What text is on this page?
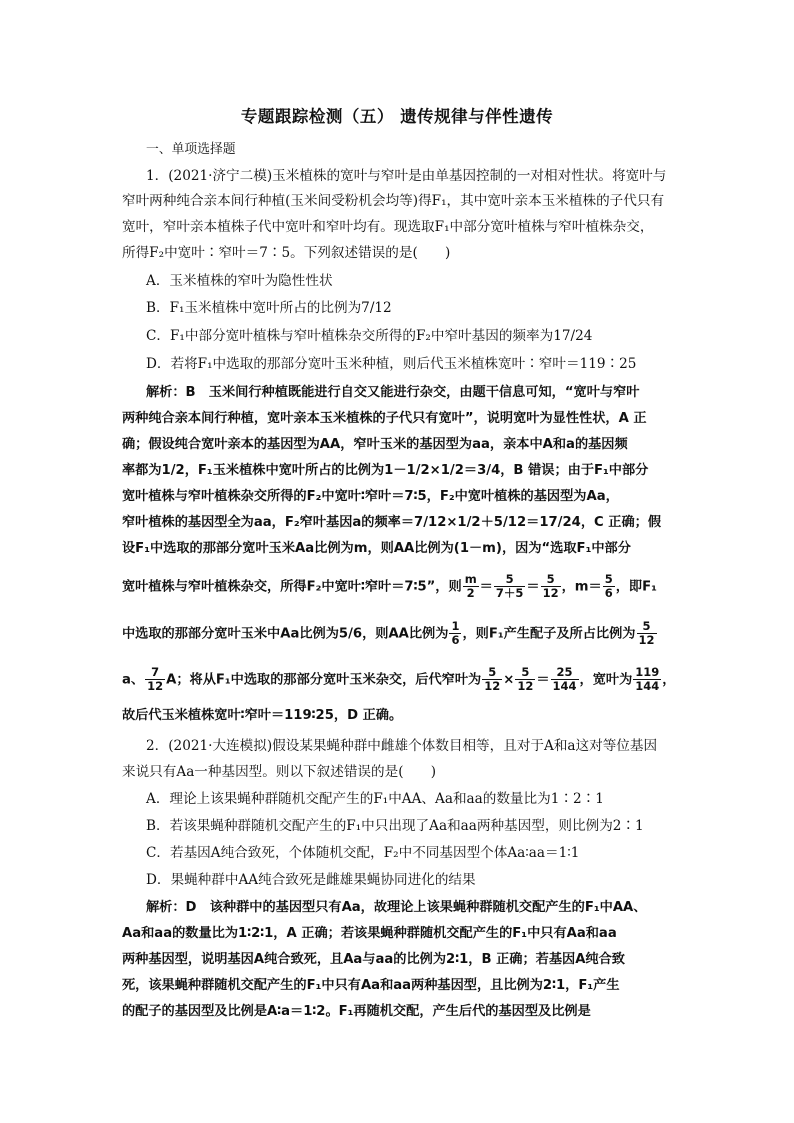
专题跟踪检测（五） 遗传规律与伴性遗传
一、单项选择题
1．(2021·济宁二模)玉米植株的宽叶与窄叶是由单基因控制的一对相对性状。将宽叶与
窄叶两种纯合亲本间行种植(玉米间受粉机会均等)得F₁，其中宽叶亲本玉米植株的子代只有
宽叶，窄叶亲本植株子代中宽叶和窄叶均有。现选取F₁中部分宽叶植株与窄叶植株杂交，
所得F₂中宽叶∶窄叶＝7∶5。下列叙述错误的是(　　)
A．玉米植株的窄叶为隐性性状
B．F₁玉米植株中宽叶所占的比例为7/12
C．F₁中部分宽叶植株与窄叶植株杂交所得的F₂中窄叶基因的频率为17/24
D．若将F₁中选取的那部分宽叶玉米种植，则后代玉米植株宽叶∶窄叶＝119∶25
解析：B　玉米间行种植既能进行自交又能进行杂交，由题干信息可知，“宽叶与窄叶
两种纯合亲本间行种植，宽叶亲本玉米植株的子代只有宽叶”，说明宽叶为显性性状，A 正
确；假设纯合宽叶亲本的基因型为AA，窄叶玉米的基因型为aa，亲本中A和a的基因频
率都为1/2，F₁玉米植株中宽叶所占的比例为1－1/2×1/2＝3/4，B 错误；由于F₁中部分
宽叶植株与窄叶植株杂交所得的F₂中宽叶∶窄叶＝7∶5，F₂中宽叶植株的基因型为Aa，
窄叶植株的基因型全为aa，F₂窄叶基因a的频率＝7/12×1/2＋5/12＝17/24，C 正确；假
设F₁中选取的那部分宽叶玉米Aa比例为m，则AA比例为(1－m)，因为“选取F₁中部分
宽叶植株与窄叶植株杂交，所得F₂中宽叶∶窄叶＝7∶5”，则 $\frac{m}{2} = \frac{5}{7+5} = \frac{5}{12}$ ，$m= \frac{5}{6}$ ，即F₁
中选取的那部分宽叶玉米中Aa比例为5/6，则AA比例为 $\frac{1}{6}$ ，则F₁产生配子及所占比例为 $\frac{5}{12}$
a、 $\frac{7}{12}$ A；将从F₁中选取的那部分宽叶玉米杂交，后代窄叶为 $\frac{5}{12} \times \frac{5}{12} = \frac{25}{144}$ ，宽叶为 $\frac{119}{144}$ ，
故后代玉米植株宽叶∶窄叶＝119∶25，D 正确。
2．(2021·大连模拟)假设某果蝇种群中雌雄个体数目相等，且对于A和a这对等位基因
来说只有Aa一种基因型。则以下叙述错误的是(　　)
A．理论上该果蝇种群随机交配产生的F₁中AA、Aa和aa的数量比为1∶2∶1
B．若该果蝇种群随机交配产生的F₁中只出现了Aa和aa两种基因型，则比例为2∶1
C．若基因A纯合致死，个体随机交配，F₂中不同基因型个体Aa∶aa＝1∶1
D．果蝇种群中AA纯合致死是雌雄果蝇协同进化的结果
解析：D　该种群中的基因型只有Aa，故理论上该果蝇种群随机交配产生的F₁中AA、
Aa和aa的数量比为1∶2∶1，A 正确；若该果蝇种群随机交配产生的F₁中只有Aa和aa
两种基因型，说明基因A纯合致死，且Aa与aa的比例为2∶1，B 正确；若基因A纯合致
死，该果蝇种群随机交配产生的F₁中只有Aa和aa两种基因型，且比例为2∶1，F₁产生
的配子的基因型及比例是A∶a＝1∶2。F₁再随机交配，产生后代的基因型及比例是
